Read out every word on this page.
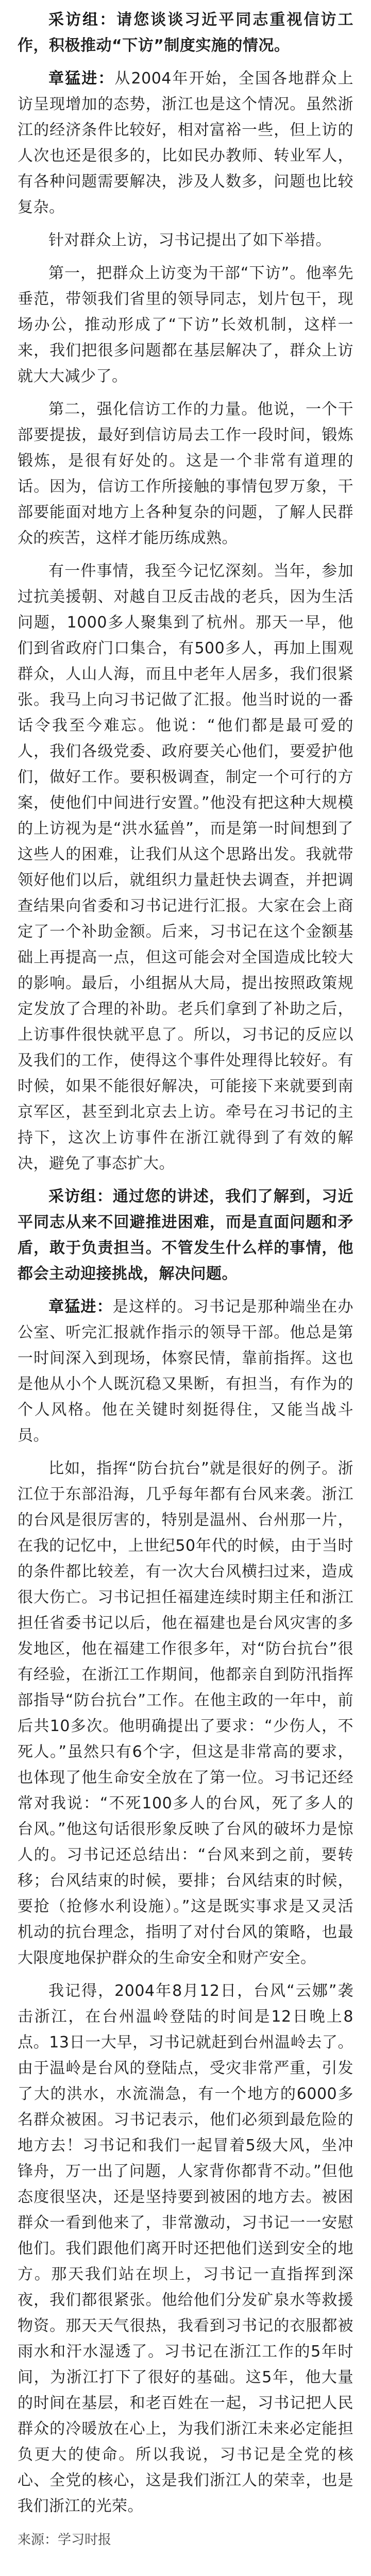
采访组：请您谈谈习近平同志重视信访工作，积极推动“下访”制度实施的情况。

章猛进：从2004年开始，全国各地群众上访呈现增加的态势，浙江也是这个情况。虽然浙江的经济条件比较好，相对富裕一些，但上访的人次也还是很多的，比如民办教师、转业军人，有各种问题需要解决，涉及人数多，问题也比较复杂。

针对群众上访，习书记提出了如下举措。

第一，把群众上访变为干部“下访”。他率先垂范，带领我们省里的领导同志，划片包干，现场办公，推动形成了“下访”长效机制，这样一来，我们把很多问题都在基层解决了，群众上访就大大减少了。

第二，强化信访工作的力量。他说，一个干部要提拔，最好到信访局去工作一段时间，锻炼锻炼，是很有好处的。这是一个非常有道理的话。因为，信访工作所接触的事情包罗万象，干部要能面对地方上各种复杂的问题，了解人民群众的疾苦，这样才能历练成熟。

有一件事情，我至今记忆深刻。当年，参加过抗美援朝、对越自卫反击战的老兵，因为生活问题，1000多人聚集到了杭州。那天一早，他们到省政府门口集合，有500多人，再加上围观群众，人山人海，而且中老年人居多，我们很紧张。我马上向习书记做了汇报。他当时说的一番话令我至今难忘。他说：“他们都是最可爱的人，我们各级党委、政府要关心他们，要爱护他们，做好工作。要积极调查，制定一个可行的方案，使他们中间进行安置。”他没有把这种大规模的上访视为是“洪水猛兽”，而是第一时间想到了这些人的困难，让我们从这个思路出发。我就带领好他们以后，就组织力量赶快去调查，并把调查结果向省委和习书记进行汇报。大家在会上商定了一个补助金额。后来，习书记在这个金额基础上再提高一点，但这可能会对全国造成比较大的影响。最后，小组据从大局，提出按照政策规定发放了合理的补助。老兵们拿到了补助之后，上访事件很快就平息了。所以，习书记的反应以及我们的工作，使得这个事件处理得比较好。有时候，如果不能很好解决，可能接下来就要到南京军区，甚至到北京去上访。牵号在习书记的主持下，这次上访事件在浙江就得到了有效的解决，避免了事态扩大。

采访组：通过您的讲述，我们了解到，习近平同志从来不回避推进困难，而是直面问题和矛盾，敢于负责担当。不管发生什么样的事情，他都会主动迎接挑战，解决问题。

章猛进：是这样的。习书记是那种端坐在办公室、听完汇报就作指示的领导干部。他总是第一时间深入到现场，体察民情，靠前指挥。这也是他从小个人既沉稳又果断，有担当，有作为的个人风格。他在关键时刻挺得住，又能当战斗员。

比如，指挥“防台抗台”就是很好的例子。浙江位于东部沿海，几乎每年都有台风来袭。浙江的台风是很厉害的，特别是温州、台州那一片，在我的记忆中，上世纪50年代的时候，由于当时的条件都比较差，有一次大台风横扫过来，造成很大伤亡。习书记担任福建连续时期主任和浙江担任省委书记以后，他在福建也是台风灾害的多发地区，他在福建工作很多年，对“防台抗台”很有经验，在浙江工作期间，他都亲自到防汛指挥部指导“防台抗台”工作。在他主政的一年中，前后共10多次。他明确提出了要求：“少伤人，不死人。”虽然只有6个字，但这是非常高的要求，也体现了他生命安全放在了第一位。习书记还经常对我说：“不死100多人的台风，死了多人的台风。”他这句话很形象反映了台风的破坏力是惊人的。习书记还总结出：“台风来到之前，要转移；台风结束的时候，要排；台风结束的时候，要抢（抢修水利设施）。”这是既实事求是又灵活机动的抗台理念，指明了对付台风的策略，也最大限度地保护群众的生命安全和财产安全。

我记得，2004年8月12日，台风“云娜”袭击浙江，在台州温岭登陆的时间是12日晚上8点。13日一大早，习书记就赶到台州温岭去了。由于温岭是台风的登陆点，受灾非常严重，引发了大的洪水，水流湍急，有一个地方的6000多名群众被困。习书记表示，他们必须到最危险的地方去！习书记和我们一起冒着5级大风，坐冲锋舟，万一出了问题，人家背你都背不动。”但他态度很坚决，还是坚持要到被困的地方去。被困群众一看到他来了，非常激动，习书记一一安慰他们。我们跟他们离开时还把他们送到安全的地方。那天我们站在坝上，习书记一直指挥到深夜，我们都很紧张。他给他们分发矿泉水等救援物资。那天天气很热，我看到习书记的衣服都被雨水和汗水湿透了。习书记在浙江工作的5年时间，为浙江打下了很好的基础。这5年，他大量的时间在基层，和老百姓在一起，习书记把人民群众的冷暖放在心上，为我们浙江未来必定能担负更大的使命。所以我说，习书记是全党的核心、全党的核心，这是我们浙江人的荣幸，也是我们浙江的光荣。

来源：学习时报
